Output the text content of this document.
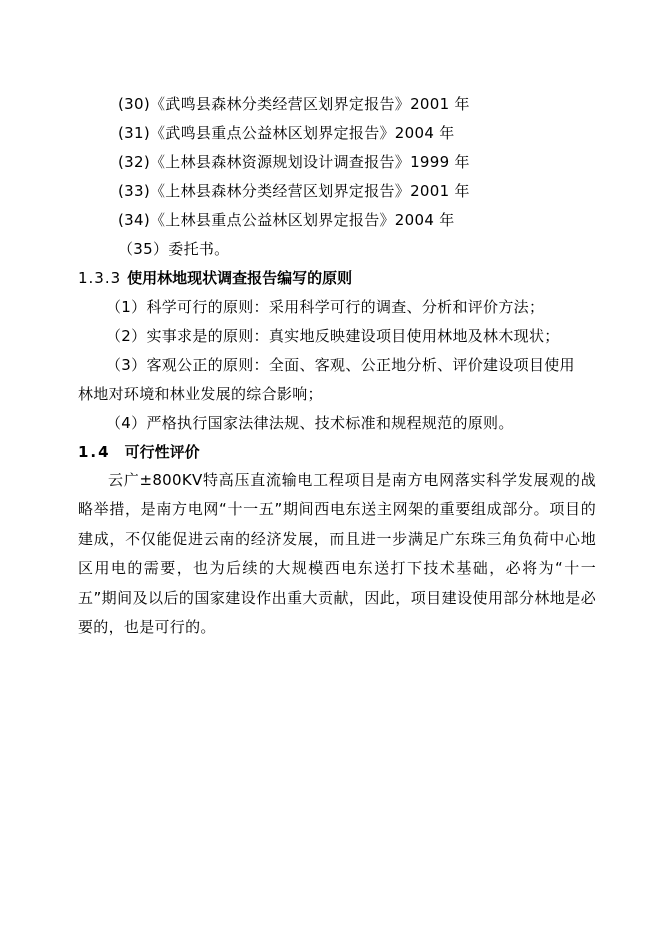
(30)《武鸣县森林分类经营区划界定报告》2001 年
(31)《武鸣县重点公益林区划界定报告》2004 年
(32)《上林县森林资源规划设计调查报告》1999 年
(33)《上林县森林分类经营区划界定报告》2001 年
(34)《上林县重点公益林区划界定报告》2004 年
（35）委托书。
1.3.3 使用林地现状调查报告编写的原则
（1）科学可行的原则：采用科学可行的调查、分析和评价方法；
（2）实事求是的原则：真实地反映建设项目使用林地及林木现状；
（3）客观公正的原则：全面、客观、公正地分析、评价建设项目使用
林地对环境和林业发展的综合影响；
（4）严格执行国家法律法规、技术标准和规程规范的原则。
1.4 可行性评价
云广±800KV特高压直流输电工程项目是南方电网落实科学发展观的战略举措，是南方电网“十一五”期间西电东送主网架的重要组成部分。项目的建成，不仅能促进云南的经济发展，而且进一步满足广东珠三角负荷中心地区用电的需要，也为后续的大规模西电东送打下技术基础，必将为“十一五”期间及以后的国家建设作出重大贡献，因此，项目建设使用部分林地是必要的，也是可行的。
